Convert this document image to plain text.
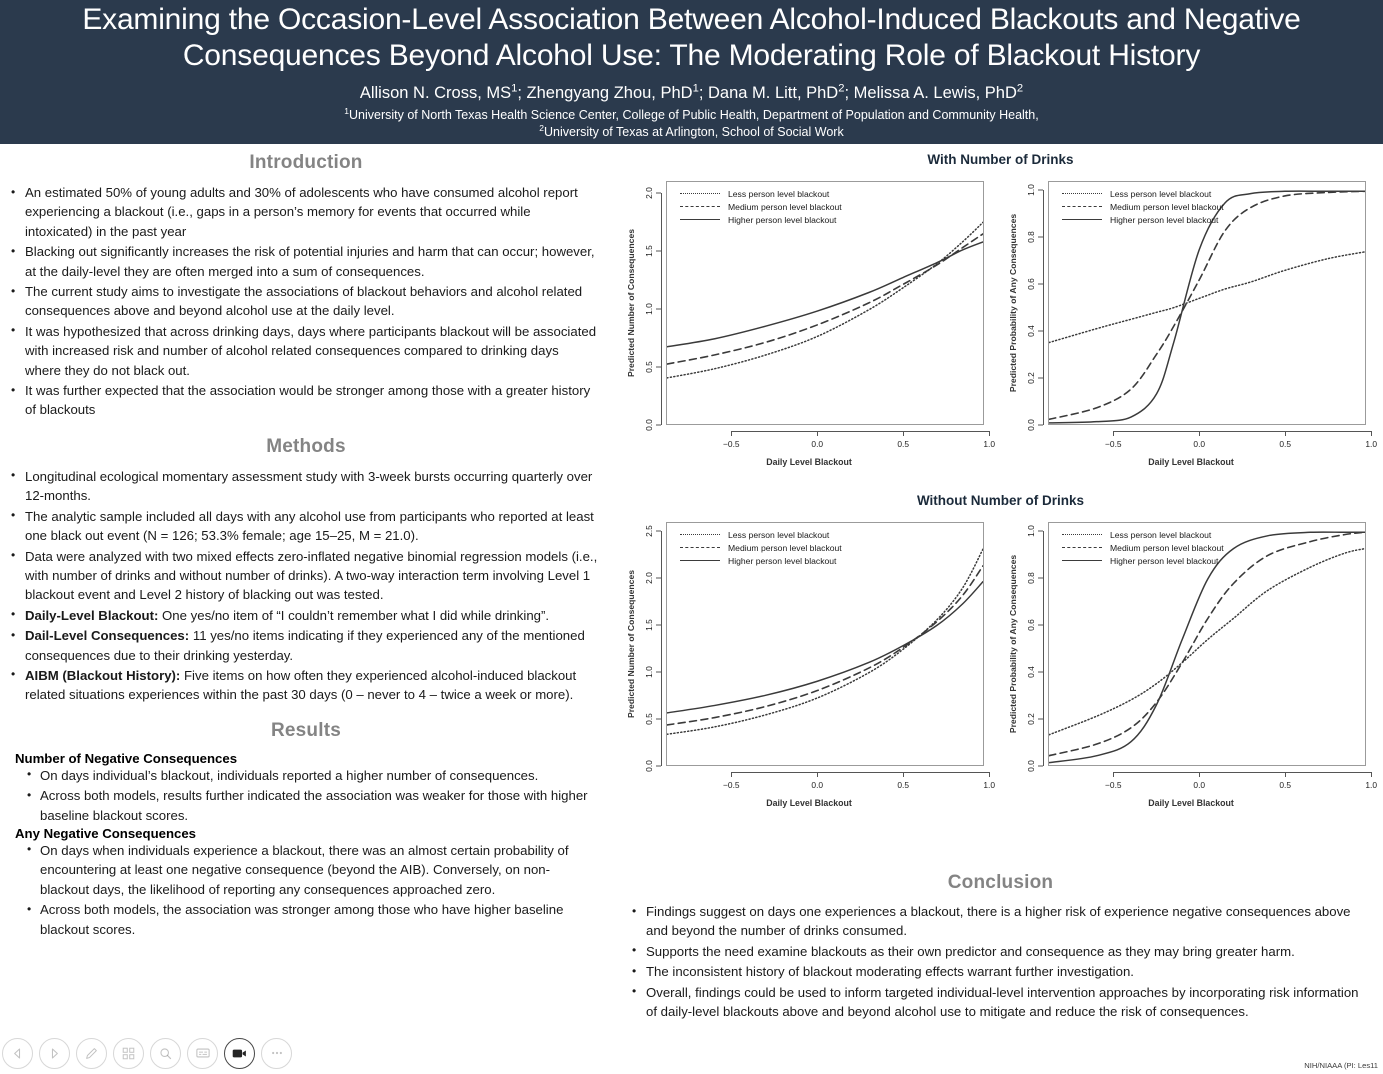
Examining the Occasion-Level Association Between Alcohol-Induced Blackouts and Negative Consequences Beyond Alcohol Use: The Moderating Role of Blackout History
Allison N. Cross, $MS^1$; Zhengyang Zhou, PhD$^1$; Dana M. Litt, PhD$^2$; Melissa A. Lewis, PhD$^2$
$^1$University of North Texas Health Science Center, College of Public Health, Department of Population and Community Health,
$^2$University of Texas at Arlington, School of Social Work
Introduction
• An estimated 50% of young adults and 30% of adolescents who have consumed alcohol report experiencing a blackout (i.e., gaps in a person’s memory for events that occurred while intoxicated) in the past year
• Blacking out significantly increases the risk of potential injuries and harm that can occur; however, at the daily-level they are often merged into a sum of consequences.
• The current study aims to investigate the associations of blackout behaviors and alcohol related consequences above and beyond alcohol use at the daily level.
• It was hypothesized that across drinking days, days where participants blackout will be associated with increased risk and number of alcohol related consequences compared to drinking days where they do not black out.
• It was further expected that the association would be stronger among those with a greater history of blackouts
Methods
• Longitudinal ecological momentary assessment study with 3-week bursts occurring quarterly over 12-months.
• The analytic sample included all days with any alcohol use from participants who reported at least one black out event (N = 126; 53.3% female; age 15–25, M = 21.0).
• Data were analyzed with two mixed effects zero-inflated negative binomial regression models (i.e., with number of drinks and without number of drinks). A two-way interaction term involving Level 1 blackout event and Level 2 history of blacking out was tested.
• Daily-Level Blackout: One yes/no item of “I couldn’t remember what I did while drinking”.
• Dail-Level Consequences: 11 yes/no items indicating if they experienced any of the mentioned consequences due to their drinking yesterday.
• AIBM (Blackout History): Five items on how often they experienced alcohol-induced blackout related situations experiences within the past 30 days (0 – never to 4 – twice a week or more).
Results
Number of Negative Consequences
• On days individual’s blackout, individuals reported a higher number of consequences.
• Across both models, results further indicated the association was weaker for those with higher baseline blackout scores.
Any Negative Consequences
• On days when individuals experience a blackout, there was an almost certain probability of encountering at least one negative consequence (beyond the AIB). Conversely, on non-blackout days, the likelihood of reporting any consequences approached zero.
• Across both models, the association was stronger among those who have higher baseline blackout scores.
With Number of Drinks
Predicted Number of Consequences
0.0
0.5
1.0
1.5
2.0
−0.5	0.0	0.5	1.0
Daily Level Blackout
Less person level blackout
Medium person level blackout
Higher person level blackout	Predicted Probability of Any Consequences
0.0
0.2
0.4
0.6
0.8
1.0
−0.5	0.0	0.5	1.0
Daily Level Blackout
Less person level blackout
Medium person level blackout
Higher person level blackout
Without Number of Drinks
Predicted Number of Consequences
0.0
0.5
1.0
1.5
2.0
2.5
−0.5	0.0	0.5	1.0
Daily Level Blackout
Less person level blackout
Medium person level blackout
Higher person level blackout	Predicted Probability of Any Consequences
0.0
0.2
0.4
0.6
0.8
1.0
−0.5	0.0	0.5	1.0
Daily Level Blackout
Less person level blackout
Medium person level blackout
Higher person level blackout
Conclusion
• Findings suggest on days one experiences a blackout, there is a higher risk of experience negative consequences above and beyond the number of drinks consumed.
• Supports the need examine blackouts as their own predictor and consequence as they may bring greater harm.
• The inconsistent history of blackout moderating effects warrant further investigation.
• Overall, findings could be used to inform targeted individual-level intervention approaches by incorporating risk information of daily-level blackouts above and beyond alcohol use to mitigate and reduce the risk of consequences.
NIH/NIAAA (PI: Les11
